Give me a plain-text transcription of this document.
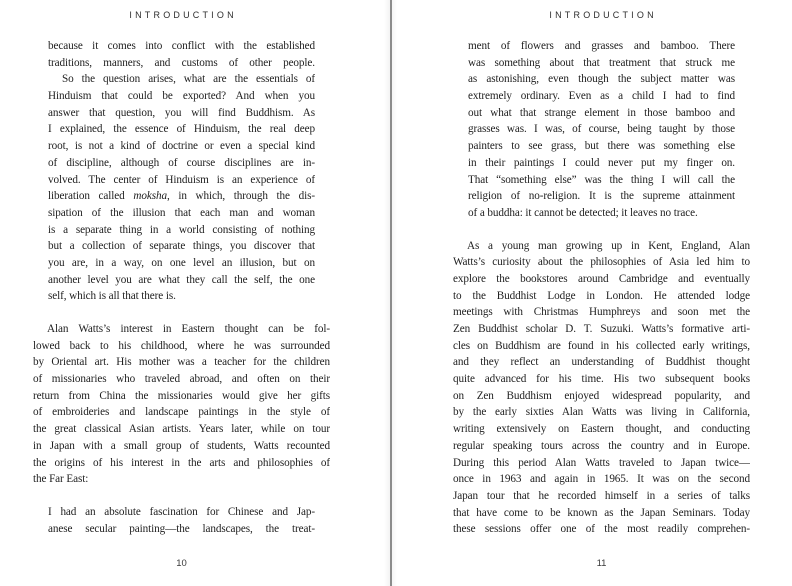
INTRODUCTION
because it comes into conflict with the established
traditions, manners, and customs of other people.
So the question arises, what are the essentials of
Hinduism that could be exported? And when you
answer that question, you will find Buddhism. As
I explained, the essence of Hinduism, the real deep
root, is not a kind of doctrine or even a special kind
of discipline, although of course disciplines are in-
volved. The center of Hinduism is an experience of
liberation called moksha, in which, through the dis-
sipation of the illusion that each man and woman
is a separate thing in a world consisting of nothing
but a collection of separate things, you discover that
you are, in a way, on one level an illusion, but on
another level you are what they call the self, the one
self, which is all that there is.
Alan Watts’s interest in Eastern thought can be fol-
lowed back to his childhood, where he was surrounded
by Oriental art. His mother was a teacher for the children
of missionaries who traveled abroad, and often on their
return from China the missionaries would give her gifts
of embroideries and landscape paintings in the style of
the great classical Asian artists. Years later, while on tour
in Japan with a small group of students, Watts recounted
the origins of his interest in the arts and philosophies of
the Far East:
I had an absolute fascination for Chinese and Jap-
anese secular painting—the landscapes, the treat-
10
INTRODUCTION
ment of flowers and grasses and bamboo. There
was something about that treatment that struck me
as astonishing, even though the subject matter was
extremely ordinary. Even as a child I had to find
out what that strange element in those bamboo and
grasses was. I was, of course, being taught by those
painters to see grass, but there was something else
in their paintings I could never put my finger on.
That “something else” was the thing I will call the
religion of no-religion. It is the supreme attainment
of a buddha: it cannot be detected; it leaves no trace.
As a young man growing up in Kent, England, Alan
Watts’s curiosity about the philosophies of Asia led him to
explore the bookstores around Cambridge and eventually
to the Buddhist Lodge in London. He attended lodge
meetings with Christmas Humphreys and soon met the
Zen Buddhist scholar D. T. Suzuki. Watts’s formative arti-
cles on Buddhism are found in his collected early writings,
and they reflect an understanding of Buddhist thought
quite advanced for his time. His two subsequent books
on Zen Buddhism enjoyed widespread popularity, and
by the early sixties Alan Watts was living in California,
writing extensively on Eastern thought, and conducting
regular speaking tours across the country and in Europe.
During this period Alan Watts traveled to Japan twice—
once in 1963 and again in 1965. It was on the second
Japan tour that he recorded himself in a series of talks
that have come to be known as the Japan Seminars. Today
these sessions offer one of the most readily comprehen-
11
